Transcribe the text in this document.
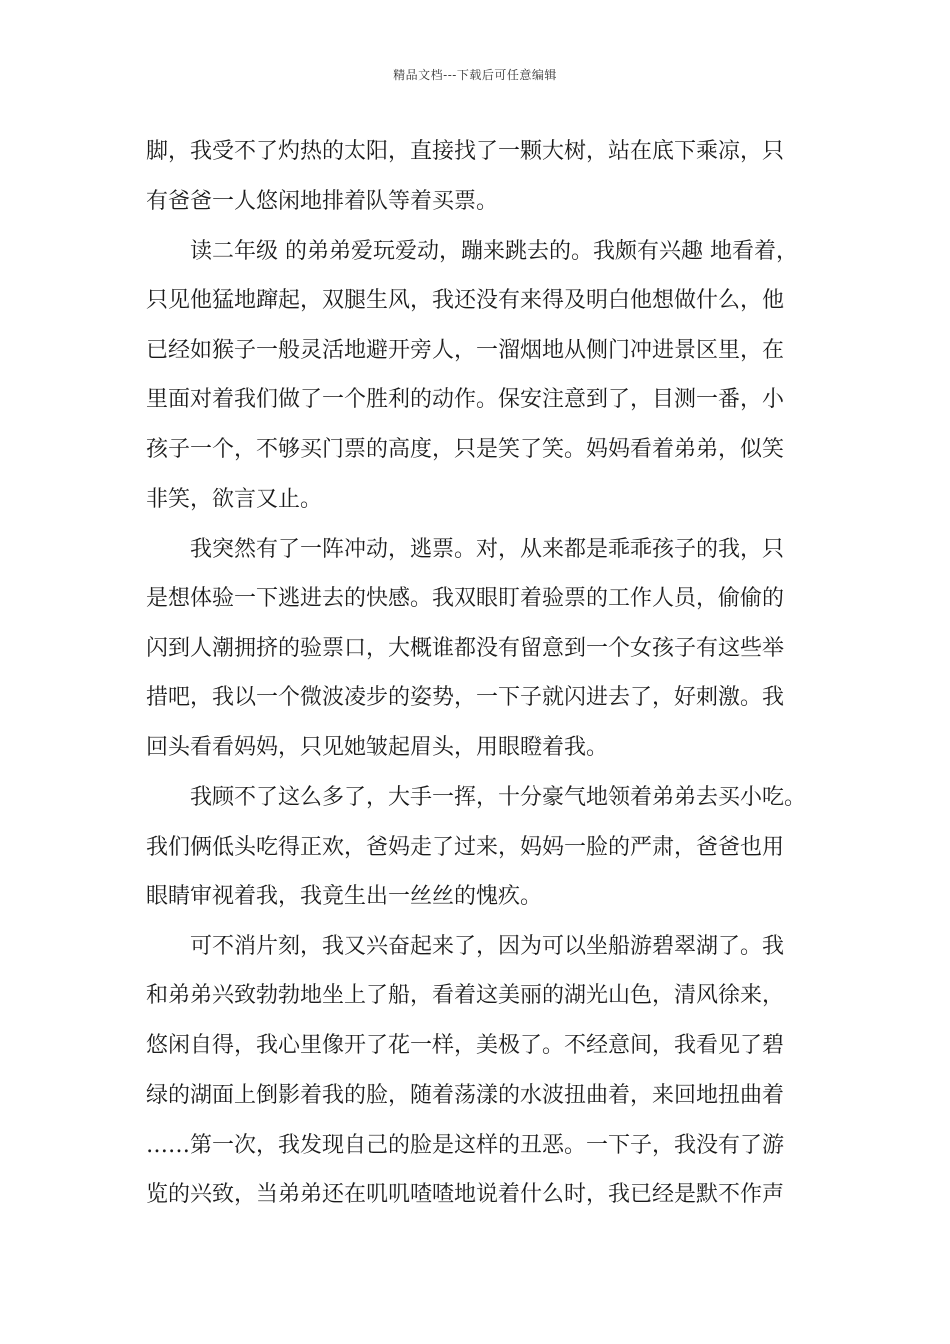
精品文档---下载后可任意编辑
脚，我受不了灼热的太阳，直接找了一颗大树，站在底下乘凉，只
有爸爸一人悠闲地排着队等着买票。
　　读二年级 的弟弟爱玩爱动，蹦来跳去的。我颇有兴趣 地看着，
只见他猛地蹿起，双腿生风，我还没有来得及明白他想做什么，他
已经如猴子一般灵活地避开旁人，一溜烟地从侧门冲进景区里，在
里面对着我们做了一个胜利的动作。保安注意到了，目测一番，小
孩子一个，不够买门票的高度，只是笑了笑。妈妈看着弟弟，似笑
非笑，欲言又止。
　　我突然有了一阵冲动，逃票。对，从来都是乖乖孩子的我，只
是想体验一下逃进去的快感。我双眼盯着验票的工作人员，偷偷的
闪到人潮拥挤的验票口，大概谁都没有留意到一个女孩子有这些举
措吧，我以一个微波凌步的姿势，一下子就闪进去了，好刺激。我
回头看看妈妈，只见她皱起眉头，用眼瞪着我。
　　我顾不了这么多了，大手一挥，十分豪气地领着弟弟去买小吃。
我们俩低头吃得正欢，爸妈走了过来，妈妈一脸的严肃，爸爸也用
眼睛审视着我，我竟生出一丝丝的愧疚。
　　可不消片刻，我又兴奋起来了，因为可以坐船游碧翠湖了。我
和弟弟兴致勃勃地坐上了船，看着这美丽的湖光山色，清风徐来，
悠闲自得，我心里像开了花一样，美极了。不经意间，我看见了碧
绿的湖面上倒影着我的脸，随着荡漾的水波扭曲着，来回地扭曲着
……第一次，我发现自己的脸是这样的丑恶。一下子，我没有了游
览的兴致，当弟弟还在叽叽喳喳地说着什么时，我已经是默不作声
